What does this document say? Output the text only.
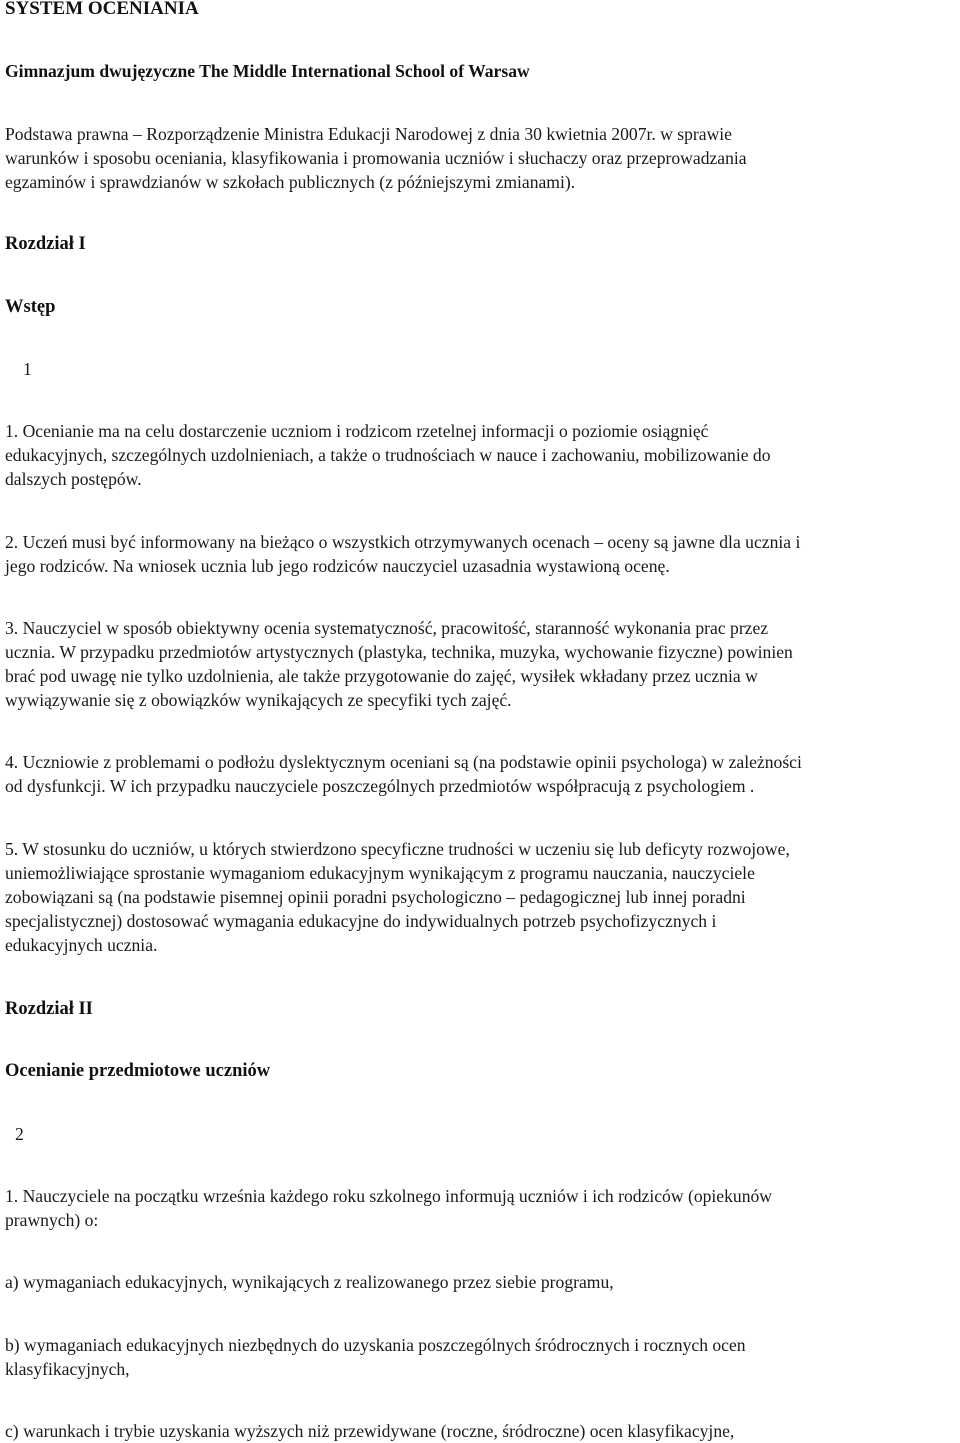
SYSTEM OCENIANIA
Gimnazjum dwujęzyczne The Middle International School of Warsaw
Podstawa prawna – Rozporządzenie Ministra Edukacji Narodowej z dnia 30 kwietnia 2007r. w sprawie
warunków i sposobu oceniania, klasyfikowania i promowania uczniów i słuchaczy oraz przeprowadzania
egzaminów i sprawdzianów w szkołach publicznych (z późniejszymi zmianami).
Rozdział I
Wstęp
1
1. Ocenianie ma na celu dostarczenie uczniom i rodzicom rzetelnej informacji o poziomie osiągnięć
edukacyjnych, szczególnych uzdolnieniach, a także o trudnościach w nauce i zachowaniu, mobilizowanie do
dalszych postępów.
2. Uczeń musi być informowany na bieżąco o wszystkich otrzymywanych ocenach – oceny są jawne dla ucznia i
jego rodziców. Na wniosek ucznia lub jego rodziców nauczyciel uzasadnia wystawioną ocenę.
3. Nauczyciel w sposób obiektywny ocenia systematyczność, pracowitość, staranność wykonania prac przez
ucznia. W przypadku przedmiotów artystycznych (plastyka, technika, muzyka, wychowanie fizyczne) powinien
brać pod uwagę nie tylko uzdolnienia, ale także przygotowanie do zajęć, wysiłek wkładany przez ucznia w
wywiązywanie się z obowiązków wynikających ze specyfiki tych zajęć.
4. Uczniowie z problemami o podłożu dyslektycznym oceniani są (na podstawie opinii psychologa) w zależności
od dysfunkcji. W ich przypadku nauczyciele poszczególnych przedmiotów współpracują z psychologiem .
5. W stosunku do uczniów, u których stwierdzono specyficzne trudności w uczeniu się lub deficyty rozwojowe,
uniemożliwiające sprostanie wymaganiom edukacyjnym wynikającym z programu nauczania, nauczyciele
zobowiązani są (na podstawie pisemnej opinii poradni psychologiczno – pedagogicznej lub innej poradni
specjalistycznej) dostosować wymagania edukacyjne do indywidualnych potrzeb psychofizycznych i
edukacyjnych ucznia.
Rozdział II
Ocenianie przedmiotowe uczniów
2
1. Nauczyciele na początku września każdego roku szkolnego informują uczniów i ich rodziców (opiekunów
prawnych) o:
a) wymaganiach edukacyjnych, wynikających z realizowanego przez siebie programu,
b) wymaganiach edukacyjnych niezbędnych do uzyskania poszczególnych śródrocznych i rocznych ocen
klasyfikacyjnych,
c) warunkach i trybie uzyskania wyższych niż przewidywane (roczne, śródroczne) ocen klasyfikacyjne,
